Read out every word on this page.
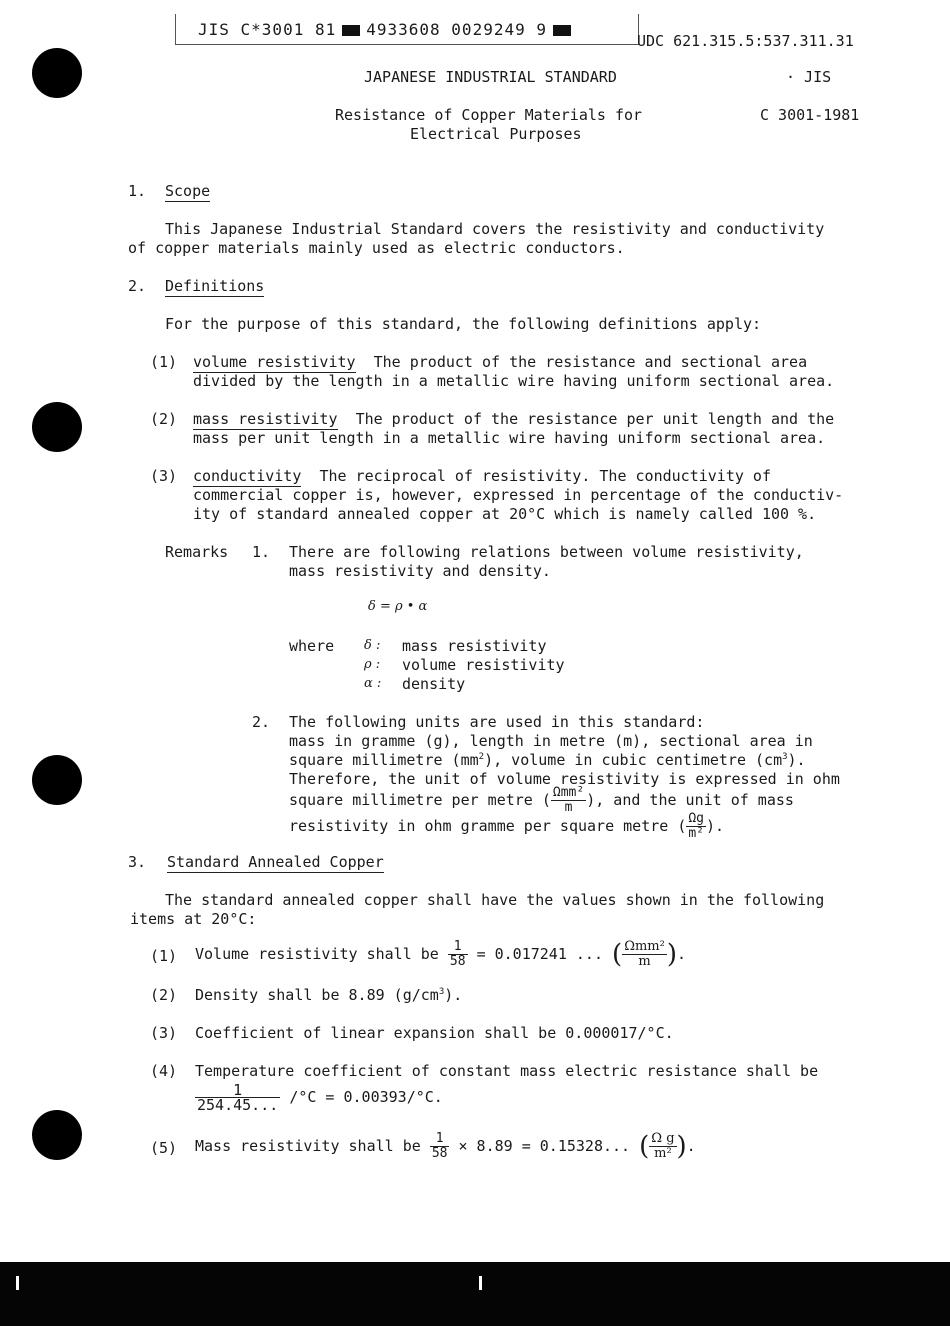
JIS C*3001 81 4933608 0029249 9
UDC 621.315.5:537.311.31
JAPANESE INDUSTRIAL STANDARD	· JIS
Resistance of Copper Materials for
Electrical Purposes
C 3001-1981
1. Scope
This Japanese Industrial Standard covers the resistivity and conductivity
of copper materials mainly used as electric conductors.
2. Definitions
For the purpose of this standard, the following definitions apply:
(1) volume resistivity The product of the resistance and sectional area
divided by the length in a metallic wire having uniform sectional area.
(2) mass resistivity The product of the resistance per unit length and the
mass per unit length in a metallic wire having uniform sectional area.
(3) conductivity The reciprocal of resistivity. The conductivity of
commercial copper is, however, expressed in percentage of the conductiv-
ity of standard annealed copper at 20°C which is namely called 100 %.
Remarks 1. There are following relations between volume resistivity,
mass resistivity and density.
δ = ρ • α
where δ : mass resistivity
ρ : volume resistivity
α : density
2. The following units are used in this standard:
mass in gramme (g), length in metre (m), sectional area in
square millimetre $(mm^2)$, volume in cubic centimetre $(cm^3)$.
Therefore, the unit of volume resistivity is expressed in ohm
square millimetre per metre ( $\frac{\text{Ωmm²}}{m}$ ), and the unit of mass
resistivity in ohm gramme per square metre ( $\frac{\Omega g}{\text{m²}}$ ).
3. Standard Annealed Copper
The standard annealed copper shall have the values shown in the following
items at 20°C:
(1) Volume resistivity shall be $\frac{1}{58} = 0.017241$ ... ( $\frac{\text{Ωmm²}}{m}$ ).
(2) Density shall be 8.89 $(g/cm^3)$.
(3) Coefficient of linear expansion shall be 0.000017/°C.
(4) Temperature coefficient of constant mass electric resistance shall be
$\frac{1}{254.45...} /^\circ C = 0.00393/^\circ C$.
(5) Mass resistivity shall be $\frac{1}{58} \times 8.89 = 0.15328$... ( $\frac{\text{Ω g}}{\text{m²}}$ ).
